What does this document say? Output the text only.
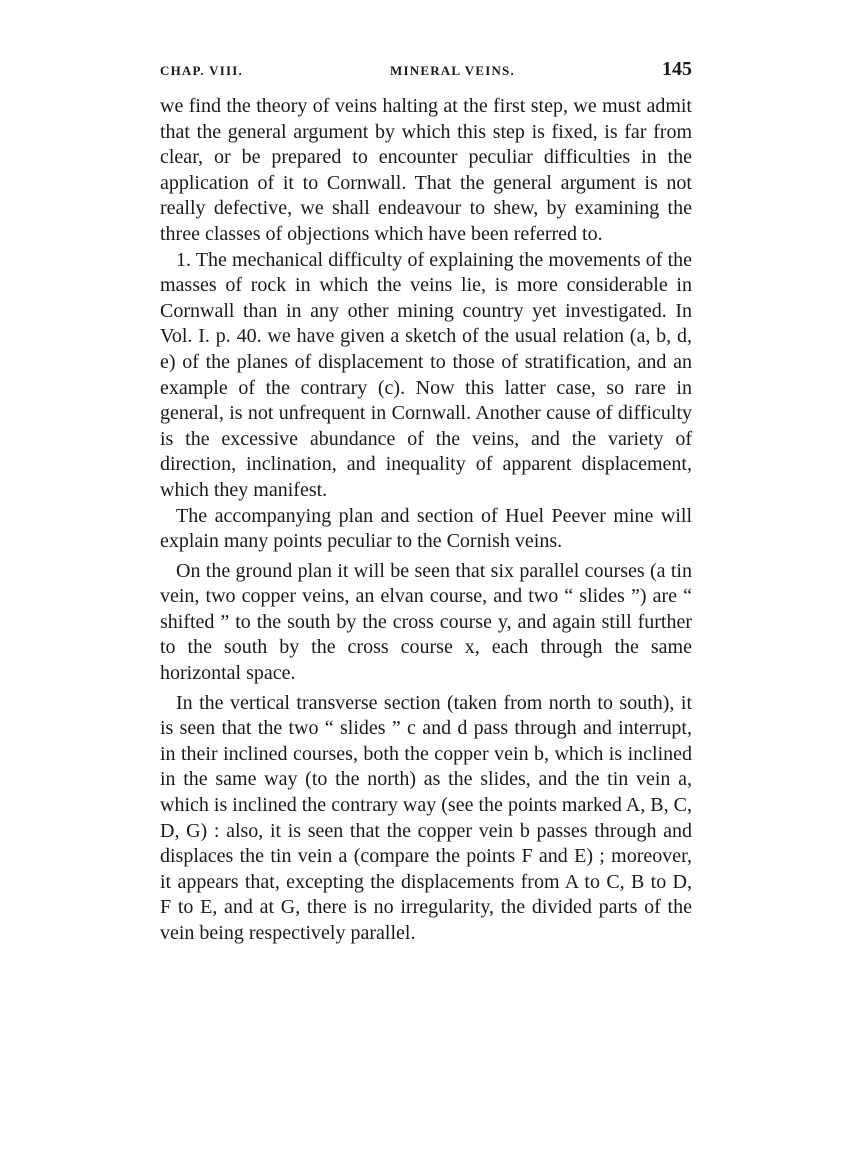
CHAP. VIII.	MINERAL VEINS.	145

we find the theory of veins halting at the first step, we must admit that the general argument by which this step is fixed, is far from clear, or be prepared to encounter peculiar difficulties in the application of it to Cornwall. That the general argument is not really defective, we shall endeavour to shew, by examining the three classes of objections which have been referred to.

1. The mechanical difficulty of explaining the movements of the masses of rock in which the veins lie, is more considerable in Cornwall than in any other mining country yet investigated. In Vol. I. p. 40. we have given a sketch of the usual relation (a, b, d, e) of the planes of displacement to those of stratification, and an example of the contrary (c). Now this latter case, so rare in general, is not unfrequent in Cornwall. Another cause of difficulty is the excessive abundance of the veins, and the variety of direction, inclination, and inequality of apparent displacement, which they manifest.

The accompanying plan and section of Huel Peever mine will explain many points peculiar to the Cornish veins.

On the ground plan it will be seen that six parallel courses (a tin vein, two copper veins, an elvan course, and two “ slides ”) are “ shifted ” to the south by the cross course y, and again still further to the south by the cross course x, each through the same horizontal space.

In the vertical transverse section (taken from north to south), it is seen that the two “ slides ” c and d pass through and interrupt, in their inclined courses, both the copper vein b, which is inclined in the same way (to the north) as the slides, and the tin vein a, which is inclined the contrary way (see the points marked A, B, C, D, G) : also, it is seen that the copper vein b passes through and displaces the tin vein a (compare the points F and E) ; moreover, it appears that, excepting the displacements from A to C, B to D, F to E, and at G, there is no irregularity, the divided parts of the vein being respectively parallel.
